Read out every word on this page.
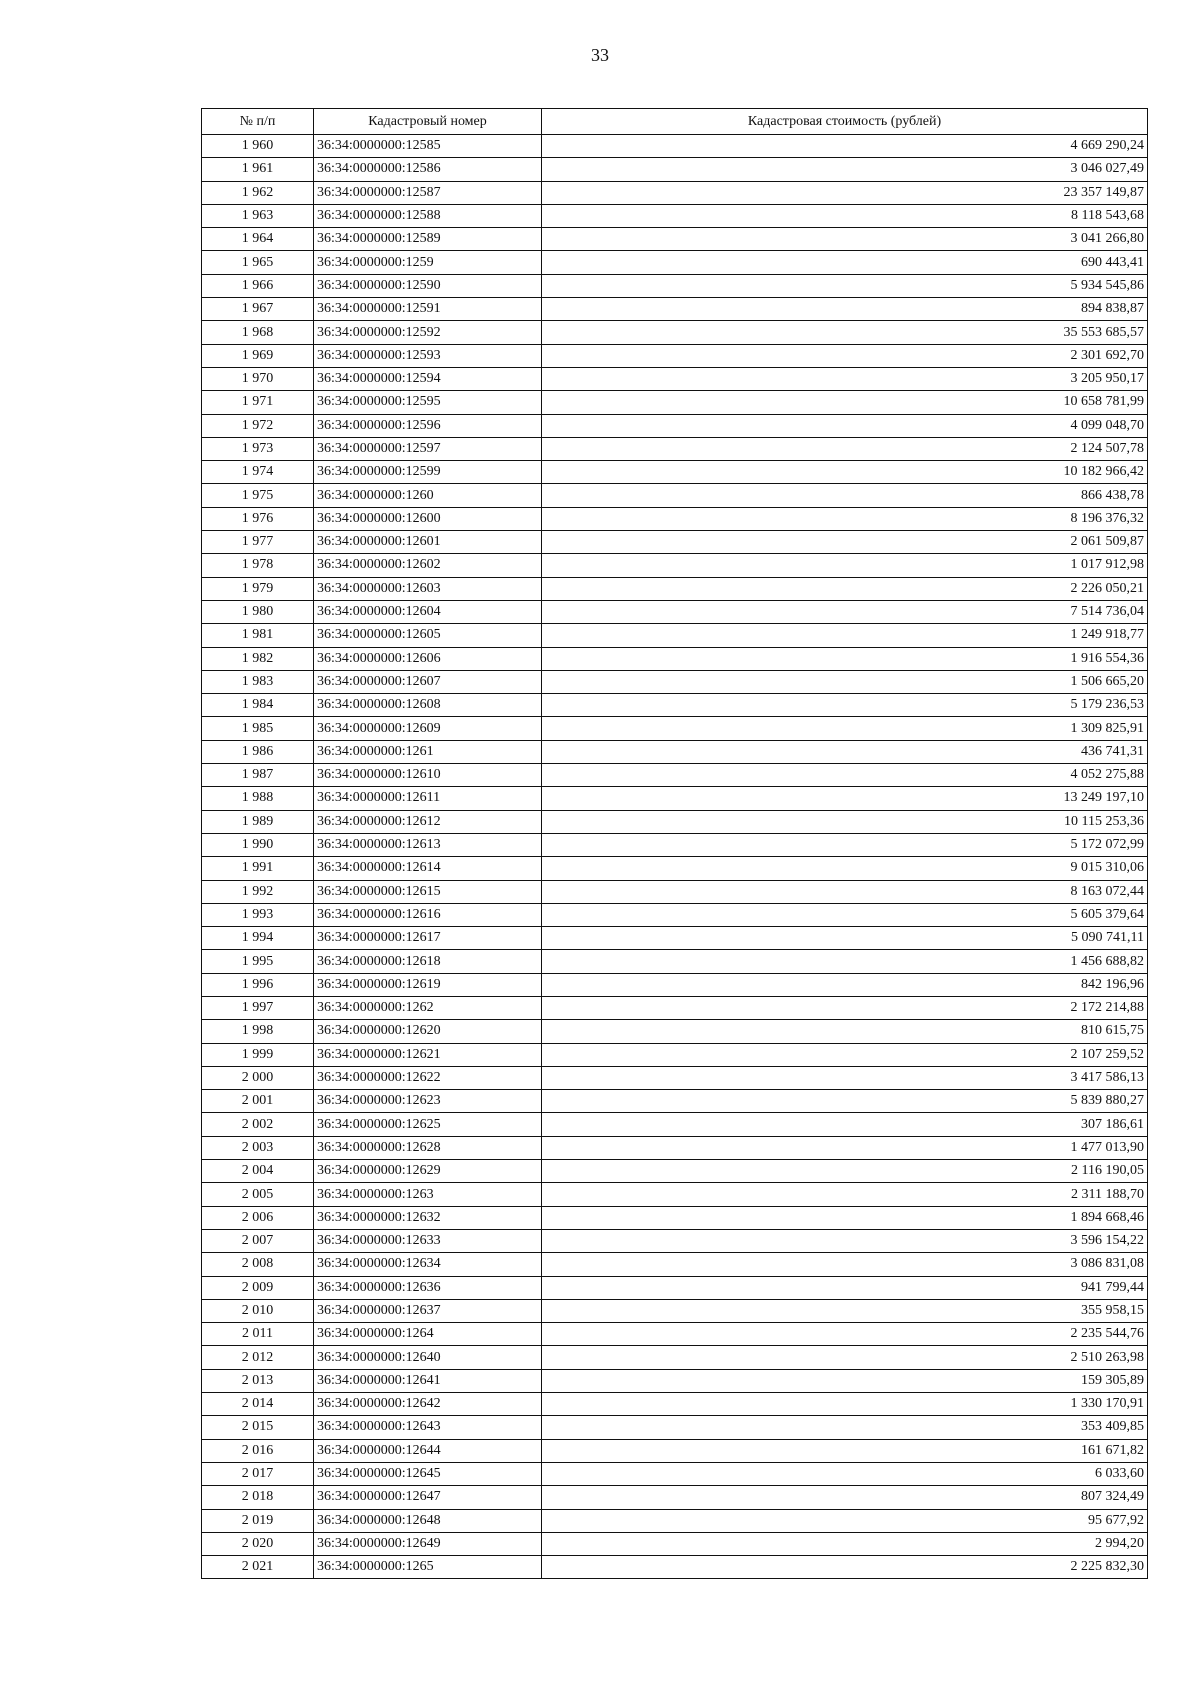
33
№ п/п	Кадастровый номер	Кадастровая стоимость (рублей)
1 960	36:34:0000000:12585	4 669 290,24
1 961	36:34:0000000:12586	3 046 027,49
1 962	36:34:0000000:12587	23 357 149,87
1 963	36:34:0000000:12588	8 118 543,68
1 964	36:34:0000000:12589	3 041 266,80
1 965	36:34:0000000:1259	690 443,41
1 966	36:34:0000000:12590	5 934 545,86
1 967	36:34:0000000:12591	894 838,87
1 968	36:34:0000000:12592	35 553 685,57
1 969	36:34:0000000:12593	2 301 692,70
1 970	36:34:0000000:12594	3 205 950,17
1 971	36:34:0000000:12595	10 658 781,99
1 972	36:34:0000000:12596	4 099 048,70
1 973	36:34:0000000:12597	2 124 507,78
1 974	36:34:0000000:12599	10 182 966,42
1 975	36:34:0000000:1260	866 438,78
1 976	36:34:0000000:12600	8 196 376,32
1 977	36:34:0000000:12601	2 061 509,87
1 978	36:34:0000000:12602	1 017 912,98
1 979	36:34:0000000:12603	2 226 050,21
1 980	36:34:0000000:12604	7 514 736,04
1 981	36:34:0000000:12605	1 249 918,77
1 982	36:34:0000000:12606	1 916 554,36
1 983	36:34:0000000:12607	1 506 665,20
1 984	36:34:0000000:12608	5 179 236,53
1 985	36:34:0000000:12609	1 309 825,91
1 986	36:34:0000000:1261	436 741,31
1 987	36:34:0000000:12610	4 052 275,88
1 988	36:34:0000000:12611	13 249 197,10
1 989	36:34:0000000:12612	10 115 253,36
1 990	36:34:0000000:12613	5 172 072,99
1 991	36:34:0000000:12614	9 015 310,06
1 992	36:34:0000000:12615	8 163 072,44
1 993	36:34:0000000:12616	5 605 379,64
1 994	36:34:0000000:12617	5 090 741,11
1 995	36:34:0000000:12618	1 456 688,82
1 996	36:34:0000000:12619	842 196,96
1 997	36:34:0000000:1262	2 172 214,88
1 998	36:34:0000000:12620	810 615,75
1 999	36:34:0000000:12621	2 107 259,52
2 000	36:34:0000000:12622	3 417 586,13
2 001	36:34:0000000:12623	5 839 880,27
2 002	36:34:0000000:12625	307 186,61
2 003	36:34:0000000:12628	1 477 013,90
2 004	36:34:0000000:12629	2 116 190,05
2 005	36:34:0000000:1263	2 311 188,70
2 006	36:34:0000000:12632	1 894 668,46
2 007	36:34:0000000:12633	3 596 154,22
2 008	36:34:0000000:12634	3 086 831,08
2 009	36:34:0000000:12636	941 799,44
2 010	36:34:0000000:12637	355 958,15
2 011	36:34:0000000:1264	2 235 544,76
2 012	36:34:0000000:12640	2 510 263,98
2 013	36:34:0000000:12641	159 305,89
2 014	36:34:0000000:12642	1 330 170,91
2 015	36:34:0000000:12643	353 409,85
2 016	36:34:0000000:12644	161 671,82
2 017	36:34:0000000:12645	6 033,60
2 018	36:34:0000000:12647	807 324,49
2 019	36:34:0000000:12648	95 677,92
2 020	36:34:0000000:12649	2 994,20
2 021	36:34:0000000:1265	2 225 832,30
